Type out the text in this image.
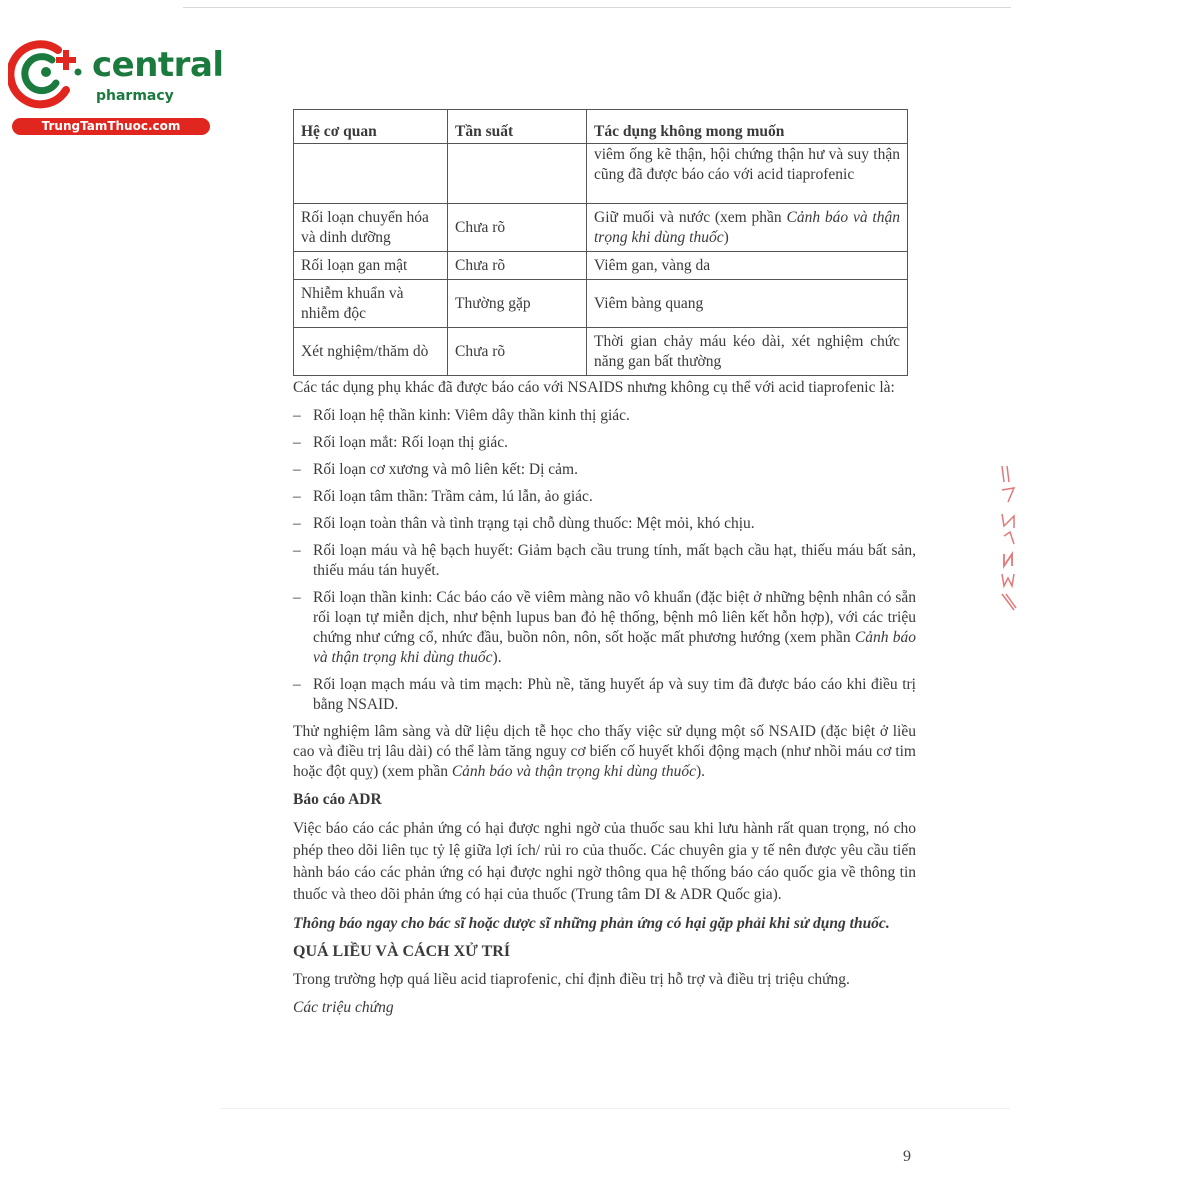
central
pharmacy
TrungTamThuoc.com	Hệ cơ quan	Tần suất	Tác dụng không mong muốn
		viêm ống kẽ thận, hội chứng thận hư và suy thận cũng đã được báo cáo với acid tiaprofenic
Rối loạn chuyển hóa và dinh dưỡng	Chưa rõ	Giữ muối và nước (xem phần Cảnh báo và thận trọng khi dùng thuốc)
Rối loạn gan mật	Chưa rõ	Viêm gan, vàng da
Nhiễm khuẩn và nhiễm độc	Thường gặp	Viêm bàng quang
Xét nghiệm/thăm dò	Chưa rõ	Thời gian chảy máu kéo dài, xét nghiệm chức năng gan bất thường

Các tác dụng phụ khác đã được báo cáo với NSAIDS nhưng không cụ thể với acid tiaprofenic là:

– Rối loạn hệ thần kinh: Viêm dây thần kinh thị giác.
– Rối loạn mắt: Rối loạn thị giác.
– Rối loạn cơ xương và mô liên kết: Dị cảm.
– Rối loạn tâm thần: Trầm cảm, lú lẫn, ảo giác.
– Rối loạn toàn thân và tình trạng tại chỗ dùng thuốc: Mệt mỏi, khó chịu.
– Rối loạn máu và hệ bạch huyết: Giảm bạch cầu trung tính, mất bạch cầu hạt, thiếu máu bất sản, thiếu máu tán huyết.
– Rối loạn thần kinh: Các báo cáo về viêm màng não vô khuẩn (đặc biệt ở những bệnh nhân có sẵn rối loạn tự miễn dịch, như bệnh lupus ban đỏ hệ thống, bệnh mô liên kết hỗn hợp), với các triệu chứng như cứng cổ, nhức đầu, buồn nôn, nôn, sốt hoặc mất phương hướng (xem phần Cảnh báo và thận trọng khi dùng thuốc).
– Rối loạn mạch máu và tim mạch: Phù nề, tăng huyết áp và suy tim đã được báo cáo khi điều trị bằng NSAID.

Thử nghiệm lâm sàng và dữ liệu dịch tễ học cho thấy việc sử dụng một số NSAID (đặc biệt ở liều cao và điều trị lâu dài) có thể làm tăng nguy cơ biến cố huyết khối động mạch (như nhồi máu cơ tim hoặc đột quỵ) (xem phần Cảnh báo và thận trọng khi dùng thuốc).

Báo cáo ADR

Việc báo cáo các phản ứng có hại được nghi ngờ của thuốc sau khi lưu hành rất quan trọng, nó cho phép theo dõi liên tục tỷ lệ giữa lợi ích/ rủi ro của thuốc. Các chuyên gia y tế nên được yêu cầu tiến hành báo cáo các phản ứng có hại được nghi ngờ thông qua hệ thống báo cáo quốc gia về thông tin thuốc và theo dõi phản ứng có hại của thuốc (Trung tâm DI & ADR Quốc gia).

Thông báo ngay cho bác sĩ hoặc dược sĩ những phản ứng có hại gặp phải khi sử dụng thuốc.

QUÁ LIỀU VÀ CÁCH XỬ TRÍ

Trong trường hợp quá liều acid tiaprofenic, chỉ định điều trị hỗ trợ và điều trị triệu chứng.

Các triệu chứng

9
